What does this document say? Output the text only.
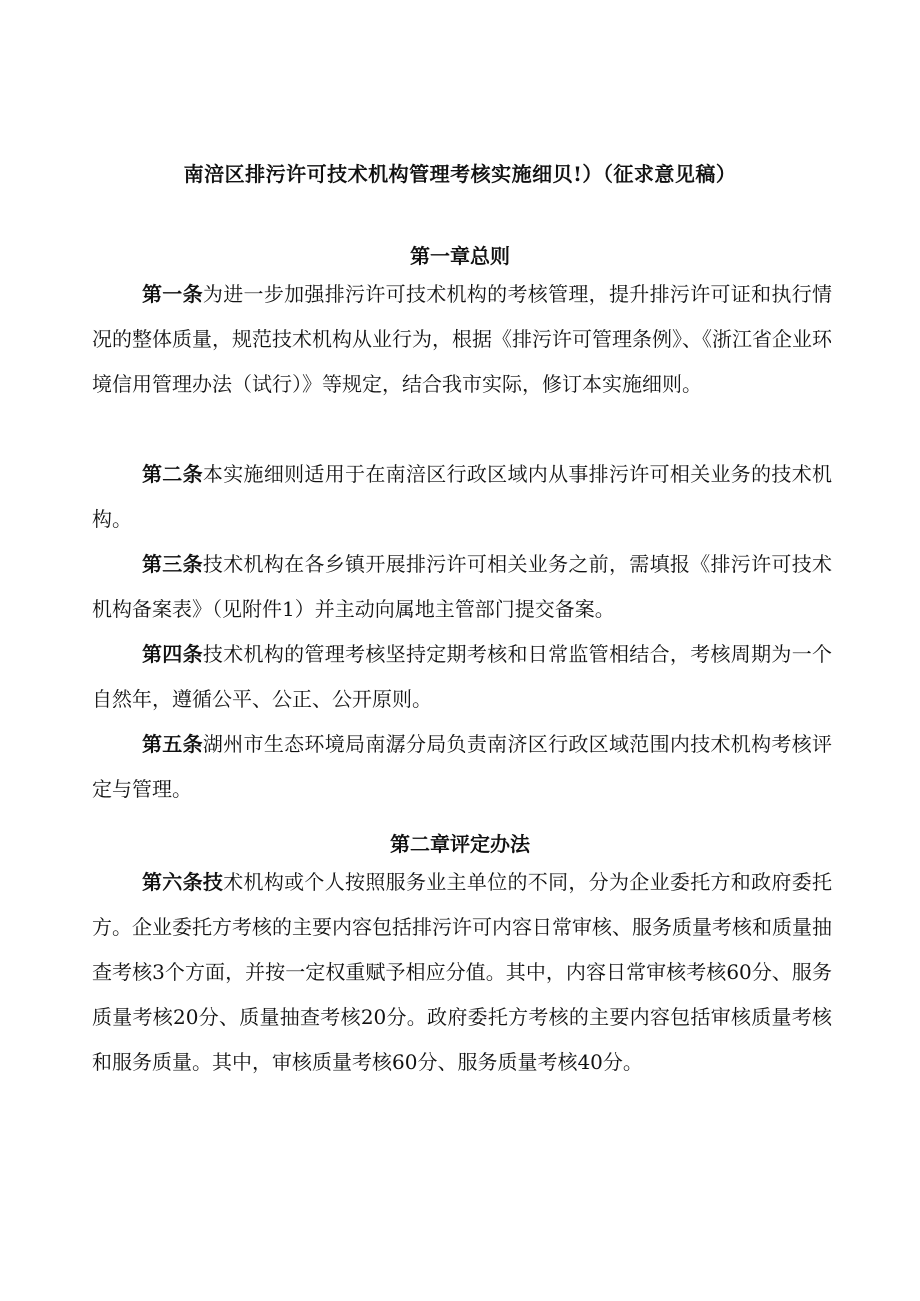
南涪区排污许可技术机构管理考核实施细贝!）（征求意见稿）
第一章总则

第一条为进一步加强排污许可技术机构的考核管理，提升排污许可证和执行情况的整体质量，规范技术机构从业行为，根据《排污许可管理条例》、《浙江省企业环境信用管理办法（试行）》等规定，结合我市实际，修订本实施细则。

第二条本实施细则适用于在南涪区行政区域内从事排污许可相关业务的技术机构。

第三条技术机构在各乡镇开展排污许可相关业务之前，需填报《排污许可技术机构备案表》（见附件1）并主动向属地主管部门提交备案。

第四条技术机构的管理考核坚持定期考核和日常监管相结合，考核周期为一个自然年，遵循公平、公正、公开原则。

第五条湖州市生态环境局南潺分局负责南济区行政区域范围内技术机构考核评定与管理。

第二章评定办法

第六条技术机构或个人按照服务业主单位的不同，分为企业委托方和政府委托方。企业委托方考核的主要内容包括排污许可内容日常审核、服务质量考核和质量抽查考核3个方面，并按一定权重赋予相应分值。其中，内容日常审核考核60分、服务质量考核20分、质量抽查考核20分。政府委托方考核的主要内容包括审核质量考核和服务质量。其中，审核质量考核60分、服务质量考核40分。
